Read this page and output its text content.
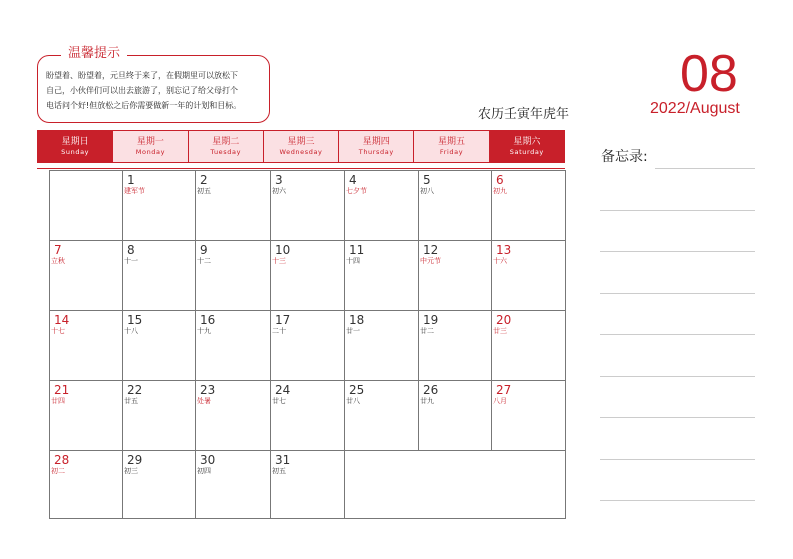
温馨提示
盼望着、盼望着，元旦终于来了，在假期里可以放松下
自己，小伙伴们可以出去旅游了，别忘记了给父母打个
电话问个好!但放松之后你需要做新一年的计划和目标。
08
2022/August
农历壬寅年虎年
星期日
Sunday
星期一
Monday
星期二
Tuesday
星期三
Wednesday
星期四
Thursday
星期五
Friday
星期六
Saturday
1
建军节
2
初五
3
初六
4
七夕节
5
初八
6
初九
7
立秋
8
十一
9
十二
10
十三
11
十四
12
中元节
13
十六
14
十七
15
十八
16
十九
17
二十
18
廿一
19
廿二
20
廿三
21
廿四
22
廿五
23
处暑
24
廿七
25
廿八
26
廿九
27
八月
28
初二
29
初三
30
初四
31
初五
备忘录:
